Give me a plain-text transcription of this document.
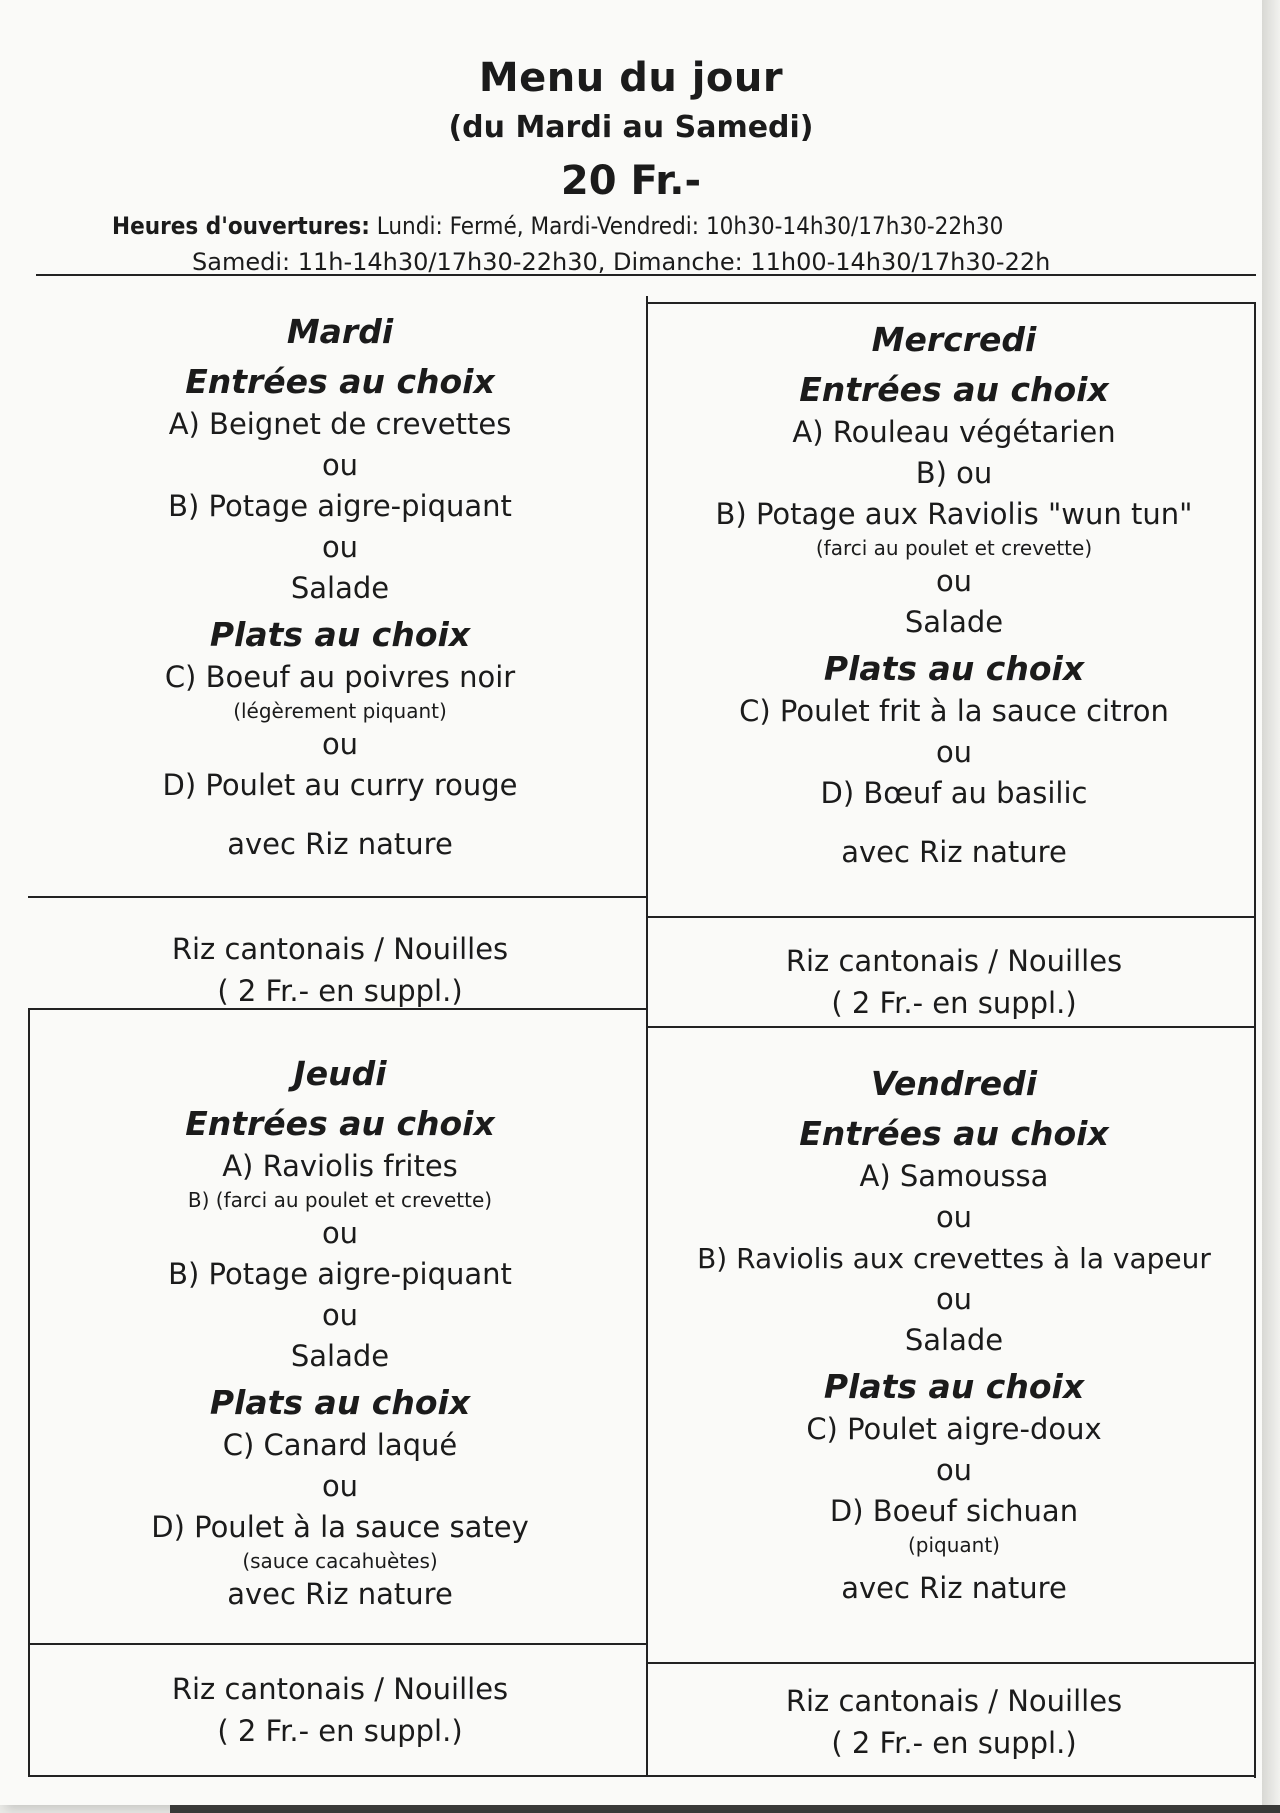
Menu du jour
(du Mardi au Samedi)
20 Fr.-
Heures d'ouvertures: Lundi: Fermé, Mardi-Vendredi: 10h30-14h30/17h30-22h30
Samedi: 11h-14h30/17h30-22h30, Dimanche: 11h00-14h30/17h30-22h
Mardi
Entrées au choix
A) Beignet de crevettes
ou
B) Potage aigre-piquant
ou
Salade
Plats au choix
C) Boeuf au poivres noir
(légèrement piquant)
ou
D) Poulet au curry rouge
avec Riz nature
Riz cantonais / Nouilles
( 2 Fr.- en suppl.)
Mercredi
Entrées au choix
A) Rouleau végétarien
B) ou
B) Potage aux Raviolis "wun tun"
(farci au poulet et crevette)
ou
Salade
Plats au choix
C) Poulet frit à la sauce citron
ou
D) Bœuf au basilic
avec Riz nature
Riz cantonais / Nouilles
( 2 Fr.- en suppl.)
Jeudi
Entrées au choix
A) Raviolis frites
B) (farci au poulet et crevette)
ou
B) Potage aigre-piquant
ou
Salade
Plats au choix
C) Canard laqué
ou
D) Poulet à la sauce satey
(sauce cacahuètes)
avec Riz nature
Riz cantonais / Nouilles
( 2 Fr.- en suppl.)
Vendredi
Entrées au choix
A) Samoussa
ou
B) Raviolis aux crevettes à la vapeur
ou
Salade
Plats au choix
C) Poulet aigre-doux
ou
D) Boeuf sichuan
(piquant)
avec Riz nature
Riz cantonais / Nouilles
( 2 Fr.- en suppl.)
